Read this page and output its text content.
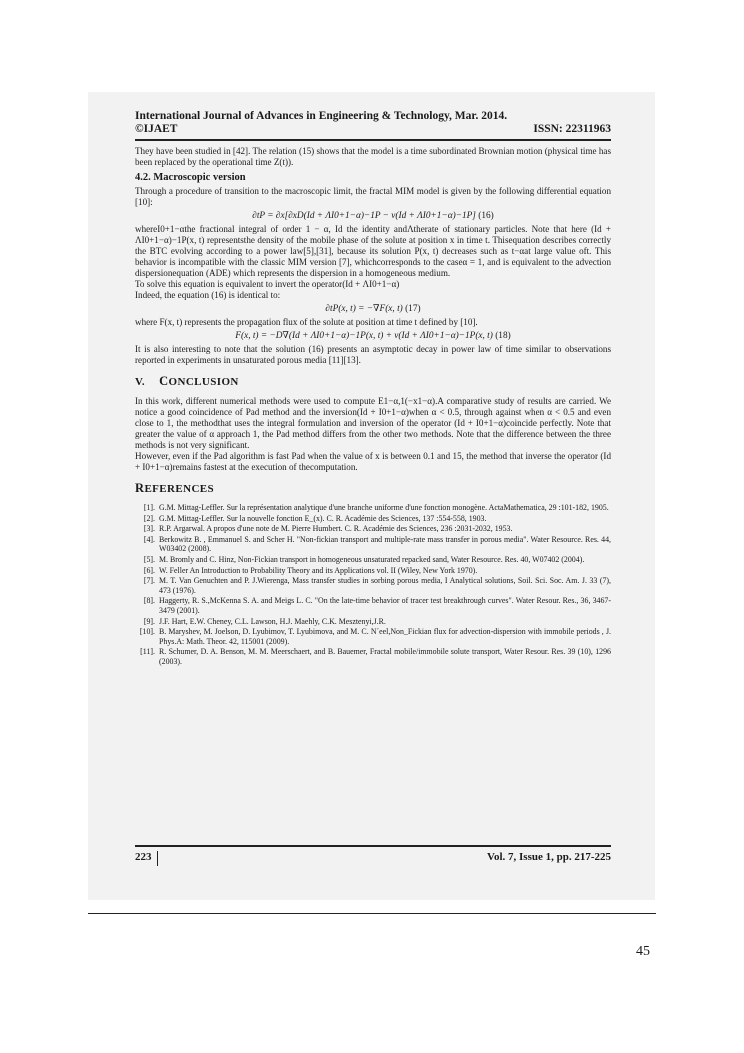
International Journal of Advances in Engineering & Technology, Mar. 2014.
©IJAET	ISSN: 22311963

They have been studied in [42]. The relation (15) shows that the model is a time subordinated Brownian motion (physical time has been replaced by the operational time Z(t)).

4.2. Macroscopic version

Through a procedure of transition to the macroscopic limit, the fractal MIM model is given by the following differential equation [10]:

∂tP = ∂x[∂xD(Id + ΛI0+1−α)−1P − v(Id + ΛI0+1−α)−1P] (16)

whereI0+1−αthe fractional integral of order 1 − α, Id the identity andΛtherate of stationary particles. Note that here (Id + ΛI0+1−α)−1P(x, t) representsthe density of the mobile phase of the solute at position x in time t. Thisequation describes correctly the BTC evolving according to a power law[5],[31], because its solution P(x, t) decreases such as t−αat large value oft. This behavior is incompatible with the classic MIM version [7], whichcorresponds to the caseα = 1, and is equivalent to the advection dispersionequation (ADE) which represents the dispersion in a homogeneous medium.

To solve this equation is equivalent to invert the operator(Id + ΛI0+1−α)

Indeed, the equation (16) is identical to:

∂tP(x, t) = −∇F(x, t) (17)

where F(x, t) represents the propagation flux of the solute at position at time t defined by [10].

F(x, t) = −D∇(Id + ΛI0+1−α)−1P(x, t) + v(Id + ΛI0+1−α)−1P(x, t) (18)

It is also interesting to note that the solution (16) presents an asymptotic decay in power law of time similar to observations reported in experiments in unsaturated porous media [11][13].

V. CONCLUSION

In this work, different numerical methods were used to compute E1−α,1(−x1−α).A comparative study of results are carried. We notice a good coincidence of Pad method and the inversion(Id + I0+1−α)when α < 0.5, through against when α < 0.5 and even close to 1, the methodthat uses the integral formulation and inversion of the operator (Id + I0+1−α)coincide perfectly. Note that greater the value of α approach 1, the Pad method differs from the other two methods. Note that the difference between the three methods is not very significant.

However, even if the Pad algorithm is fast Pad when the value of x is between 0.1 and 15, the method that inverse the operator (Id + I0+1−α)remains fastest at the execution of thecomputation.

REFERENCES
[1]. G.M. Mittag-Leffler. Sur la représentation analytique d'une branche uniforme d'une fonction monogène. ActaMathematica, 29 :101-182, 1905.
[2]. G.M. Mittag-Leffler. Sur la nouvelle fonction E_(x). C. R. Académie des Sciences, 137 :554-558, 1903.
[3]. R.P. Argarwal. A propos d'une note de M. Pierre Humbert. C. R. Académie des Sciences, 236 :2031-2032, 1953.
[4]. Berkowitz B. , Emmanuel S. and Scher H. "Non-fickian transport and multiple-rate mass transfer in porous media". Water Resource. Res. 44, W03402 (2008).
[5]. M. Bromly and C. Hinz, Non-Fickian transport in homogeneous unsaturated repacked sand, Water Resource. Res. 40, W07402 (2004).
[6]. W. Feller An Introduction to Probability Theory and its Applications vol. II (Wiley, New York 1970).
[7]. M. T. Van Genuchten and P. J.Wierenga, Mass transfer studies in sorbing porous media, I Analytical solutions, Soil. Sci. Soc. Am. J. 33 (7), 473 (1976).
[8]. Haggerty, R. S.,McKenna S. A. and Meigs L. C. "On the late-time behavior of tracer test breakthrough curves". Water Resour. Res., 36, 3467-3479 (2001).
[9]. J.F. Hart, E.W. Cheney, C.L. Lawson, H.J. Maehly, C.K. Mesztenyi,J.R.
[10]. B. Maryshev, M. Joelson, D. Lyubimov, T. Lyubimova, and M. C. N´eel,Non_Fickian flux for advection-dispersion with immobile periods , J. Phys.A: Math. Theor. 42, 115001 (2009).
[11]. R. Schumer, D. A. Benson, M. M. Meerschaert, and B. Bauemer, Fractal mobile/immobile solute transport, Water Resour. Res. 39 (10), 1296 (2003).
223	Vol. 7, Issue 1, pp. 217-225
45
